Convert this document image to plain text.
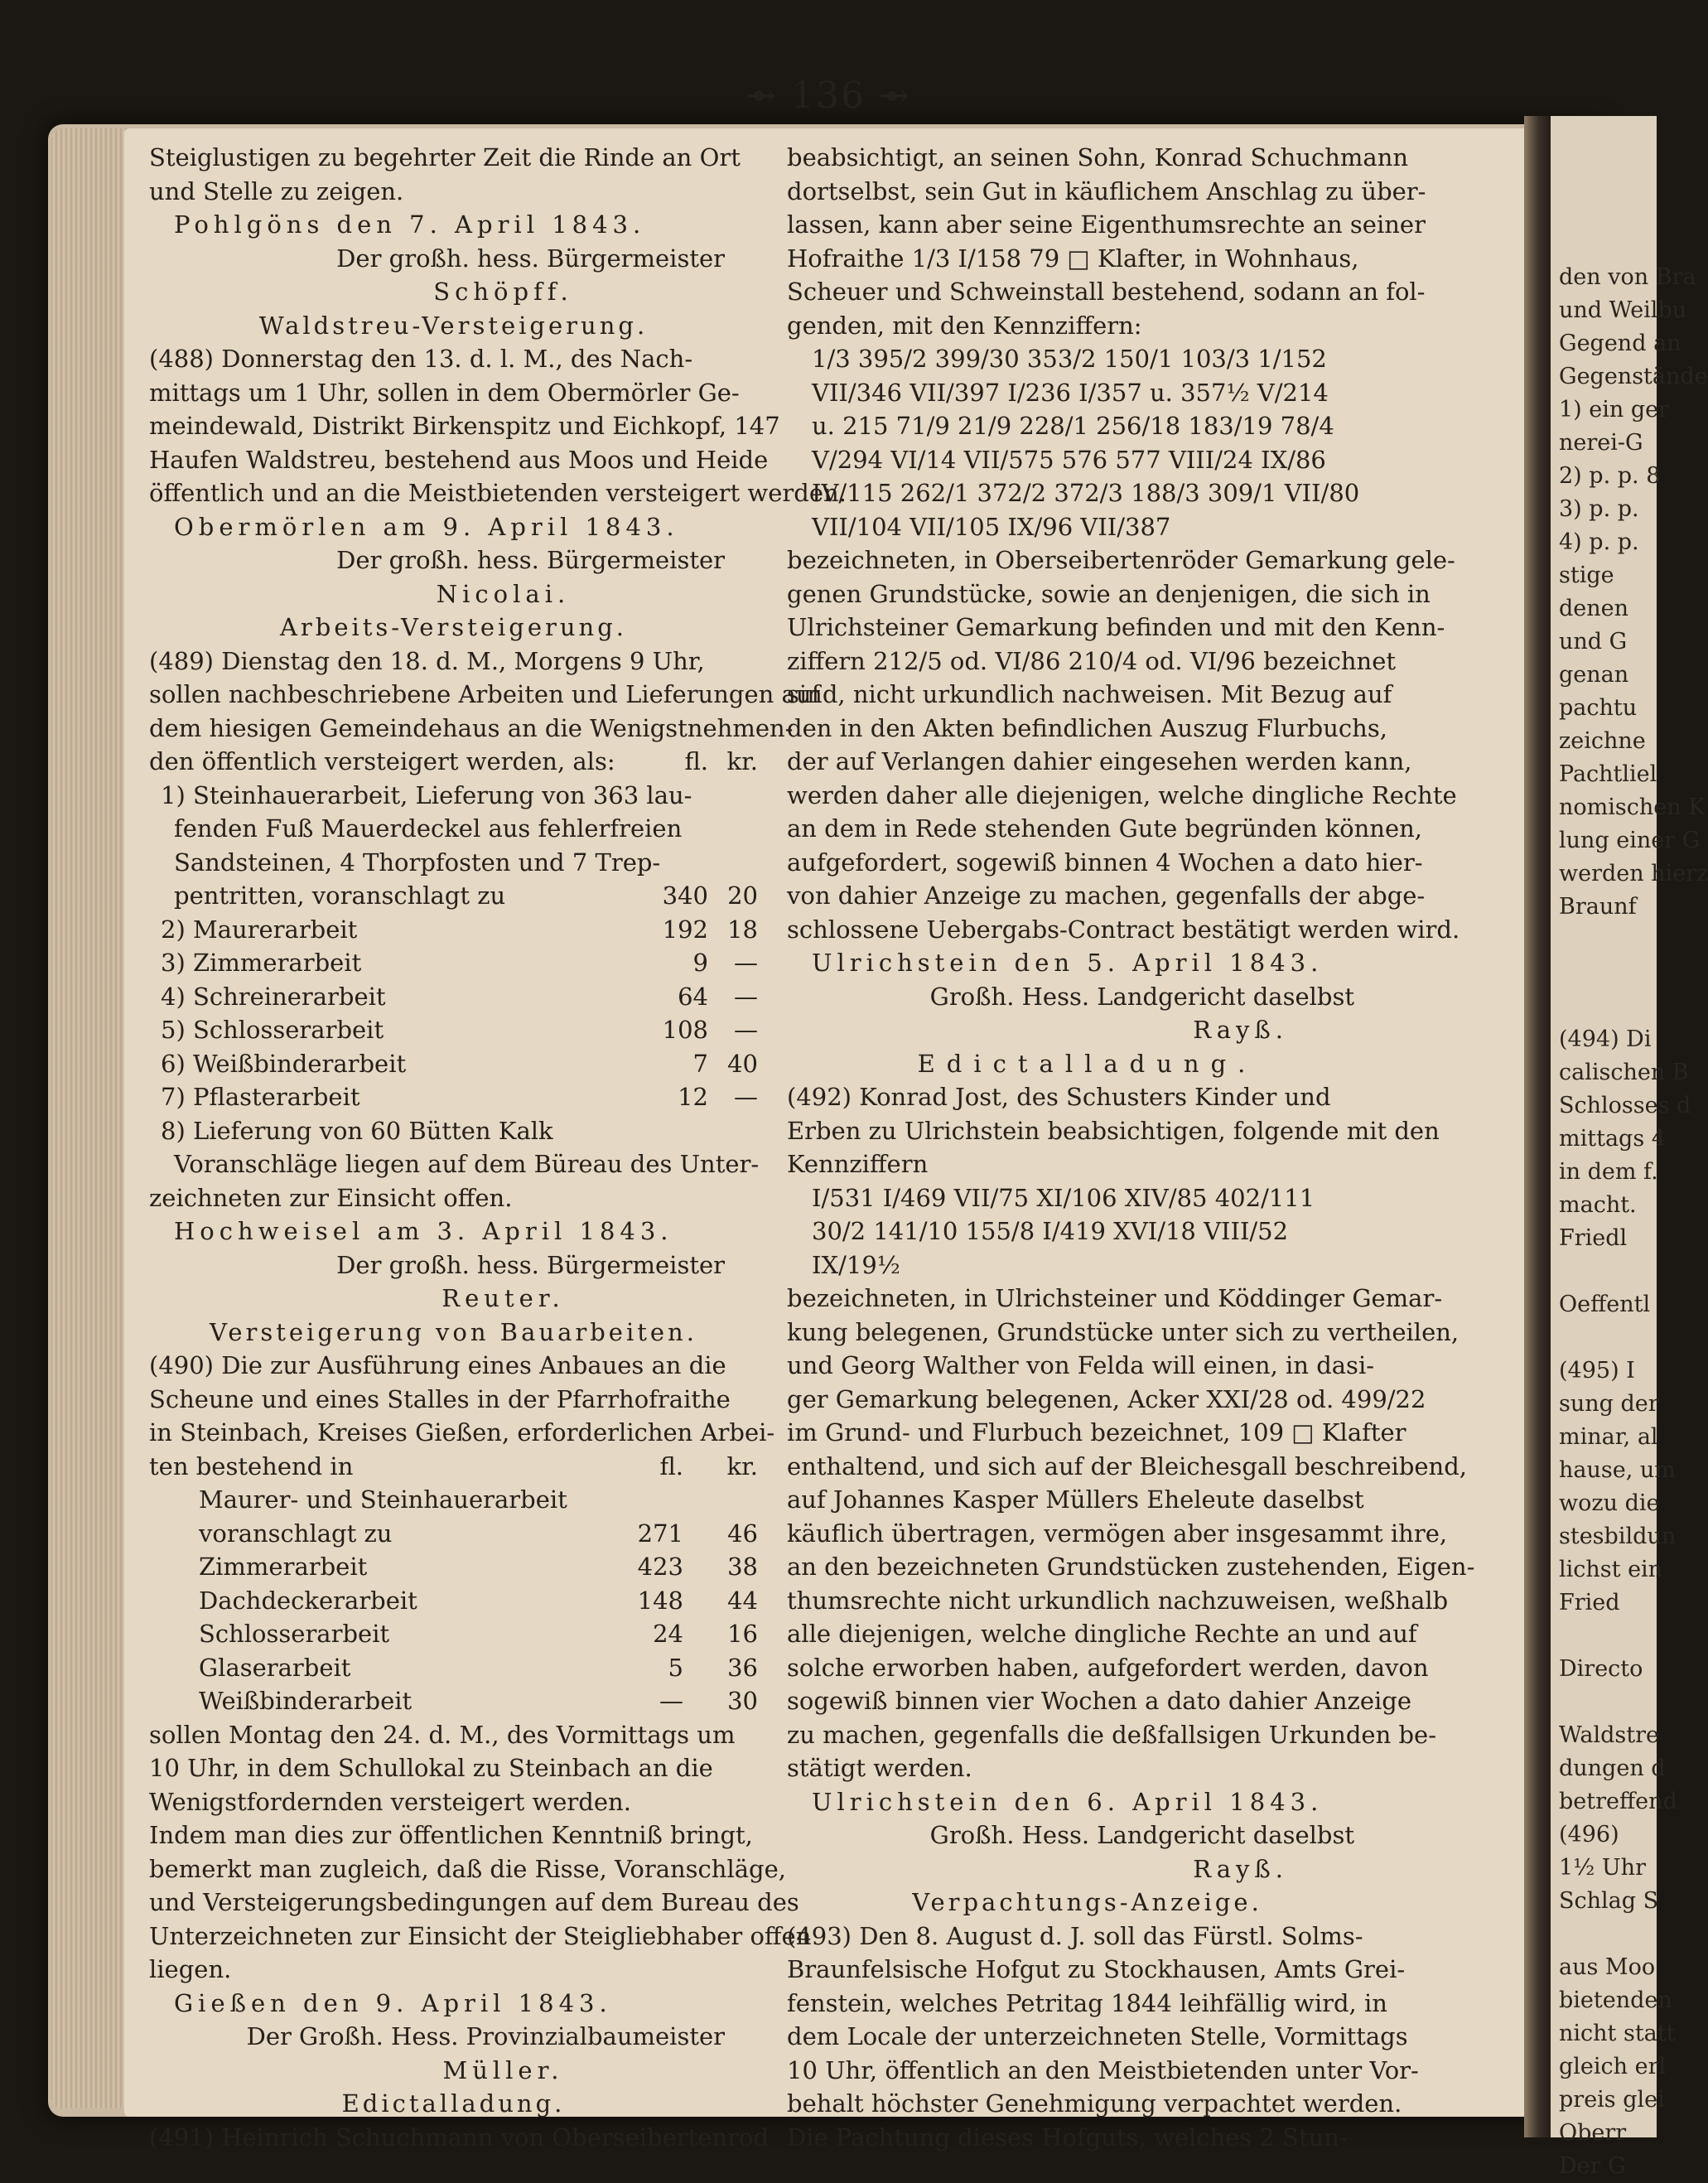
den von Bra
und Weilbu
Gegend an
Gegenstände
1) ein ger
nerei-G
2) p. p. 8
3) p. p.
4) p. p.
stige
denen
und G
genan
pachtu
zeichne
Pachtliel
nomischen K
lung einer G
werden hierz
Braunf

(494) Di
calischen B
Schlosses d
mittags 4
in dem f.
macht.
Friedl

Oeffentl

(495) I
sung der
minar, al
hause, um
wozu die
stesbildun
lichst ein
Fried

Directo

Waldstre
dungen d
betreffend
(496)
1½ Uhr
Schlag S

aus Moo
bietenden
nicht statt
gleich erl
preis glei
Oberr
Der G
⇴ 136 ⇴
Steiglustigen zu begehrter Zeit die Rinde an Ort
und Stelle zu zeigen.
Pohlgöns den 7. April 1843.
Der großh. hess. Bürgermeister
Schöpff.
Waldstreu-Versteigerung.
(488) Donnerstag den 13. d. l. M., des Nach-
mittags um 1 Uhr, sollen in dem Obermörler Ge-
meindewald, Distrikt Birkenspitz und Eichkopf, 147
Haufen Waldstreu, bestehend aus Moos und Heide
öffentlich und an die Meistbietenden versteigert werden.
Obermörlen am 9. April 1843.
Der großh. hess. Bürgermeister
Nicolai.
Arbeits-Versteigerung.
(489) Dienstag den 18. d. M., Morgens 9 Uhr,
sollen nachbeschriebene Arbeiten und Lieferungen auf
dem hiesigen Gemeindehaus an die Wenigstnehmen-
den öffentlich versteigert werden, als:	fl. kr.
1) Steinhauerarbeit, Lieferung von 363 lau-
fenden Fuß Mauerdeckel aus fehlerfreien
Sandsteinen, 4 Thorpfosten und 7 Trep-
pentritten, voranschlagt zu	340 20
2) Maurerarbeit	192 18
3) Zimmerarbeit	9	—
4) Schreinerarbeit	64	—
5) Schlosserarbeit	108	—
6) Weißbinderarbeit	7 40
7) Pflasterarbeit	12	—
8) Lieferung von 60 Bütten Kalk
Voranschläge liegen auf dem Büreau des Unter-
zeichneten zur Einsicht offen.
Hochweisel am 3. April 1843.
Der großh. hess. Bürgermeister
Reuter.
Versteigerung von Bauarbeiten.
(490) Die zur Ausführung eines Anbaues an die
Scheune und eines Stalles in der Pfarrhofraithe
in Steinbach, Kreises Gießen, erforderlichen Arbei-
ten bestehend in	fl.	kr.
Maurer- und Steinhauerarbeit
voranschlagt zu	271	46
Zimmerarbeit	423	38
Dachdeckerarbeit	148	44
Schlosserarbeit	24	16
Glaserarbeit	5	36
Weißbinderarbeit	—	30
sollen Montag den 24. d. M., des Vormittags um
10 Uhr, in dem Schullokal zu Steinbach an die
Wenigstfordernden versteigert werden.
Indem man dies zur öffentlichen Kenntniß bringt,
bemerkt man zugleich, daß die Risse, Voranschläge,
und Versteigerungsbedingungen auf dem Bureau des
Unterzeichneten zur Einsicht der Steigliebhaber offen
liegen.
Gießen den 9. April 1843.
Der Großh. Hess. Provinzialbaumeister
Müller.
Edictalladung.
(491) Heinrich Schuchmann von Oberseibertenrod
beabsichtigt, an seinen Sohn, Konrad Schuchmann
dortselbst, sein Gut in käuflichem Anschlag zu über-
lassen, kann aber seine Eigenthumsrechte an seiner
Hofraithe 1/3 I/158 79 □ Klafter, in Wohnhaus,
Scheuer und Schweinstall bestehend, sodann an fol-
genden, mit den Kennziffern:
1/3 395/2 399/30 353/2 150/1 103/3 1/152
VII/346 VII/397 I/236 I/357 u. 357½ V/214
u. 215 71/9 21/9 228/1 256/18 183/19 78/4
V/294 VI/14 VII/575 576 577 VIII/24 IX/86
IV/115 262/1 372/2 372/3 188/3 309/1 VII/80
VII/104 VII/105 IX/96 VII/387
bezeichneten, in Oberseibertenröder Gemarkung gele-
genen Grundstücke, sowie an denjenigen, die sich in
Ulrichsteiner Gemarkung befinden und mit den Kenn-
ziffern 212/5 od. VI/86 210/4 od. VI/96 bezeichnet
sind, nicht urkundlich nachweisen. Mit Bezug auf
den in den Akten befindlichen Auszug Flurbuchs,
der auf Verlangen dahier eingesehen werden kann,
werden daher alle diejenigen, welche dingliche Rechte
an dem in Rede stehenden Gute begründen können,
aufgefordert, sogewiß binnen 4 Wochen a dato hier-
von dahier Anzeige zu machen, gegenfalls der abge-
schlossene Uebergabs-Contract bestätigt werden wird.
Ulrichstein den 5. April 1843.
Großh. Hess. Landgericht daselbst
Rayß.
Edictalladung.
(492) Konrad Jost, des Schusters Kinder und
Erben zu Ulrichstein beabsichtigen, folgende mit den
Kennziffern
I/531 I/469 VII/75 XI/106 XIV/85 402/111
30/2 141/10 155/8 I/419 XVI/18 VIII/52
IX/19½
bezeichneten, in Ulrichsteiner und Köddinger Gemar-
kung belegenen, Grundstücke unter sich zu vertheilen,
und Georg Walther von Felda will einen, in dasi-
ger Gemarkung belegenen, Acker XXI/28 od. 499/22
im Grund- und Flurbuch bezeichnet, 109 □ Klafter
enthaltend, und sich auf der Bleichesgall beschreibend,
auf Johannes Kasper Müllers Eheleute daselbst
käuflich übertragen, vermögen aber insgesammt ihre,
an den bezeichneten Grundstücken zustehenden, Eigen-
thumsrechte nicht urkundlich nachzuweisen, weßhalb
alle diejenigen, welche dingliche Rechte an und auf
solche erworben haben, aufgefordert werden, davon
sogewiß binnen vier Wochen a dato dahier Anzeige
zu machen, gegenfalls die deßfallsigen Urkunden be-
stätigt werden.
Ulrichstein den 6. April 1843.
Großh. Hess. Landgericht daselbst
Rayß.
Verpachtungs-Anzeige.
(493) Den 8. August d. J. soll das Fürstl. Solms-
Braunfelsische Hofgut zu Stockhausen, Amts Grei-
fenstein, welches Petritag 1844 leihfällig wird, in
dem Locale der unterzeichneten Stelle, Vormittags
10 Uhr, öffentlich an den Meistbietenden unter Vor-
behalt höchster Genehmigung verpachtet werden.
Die Pachtung dieses Hofguts, welches 2 Stun-
